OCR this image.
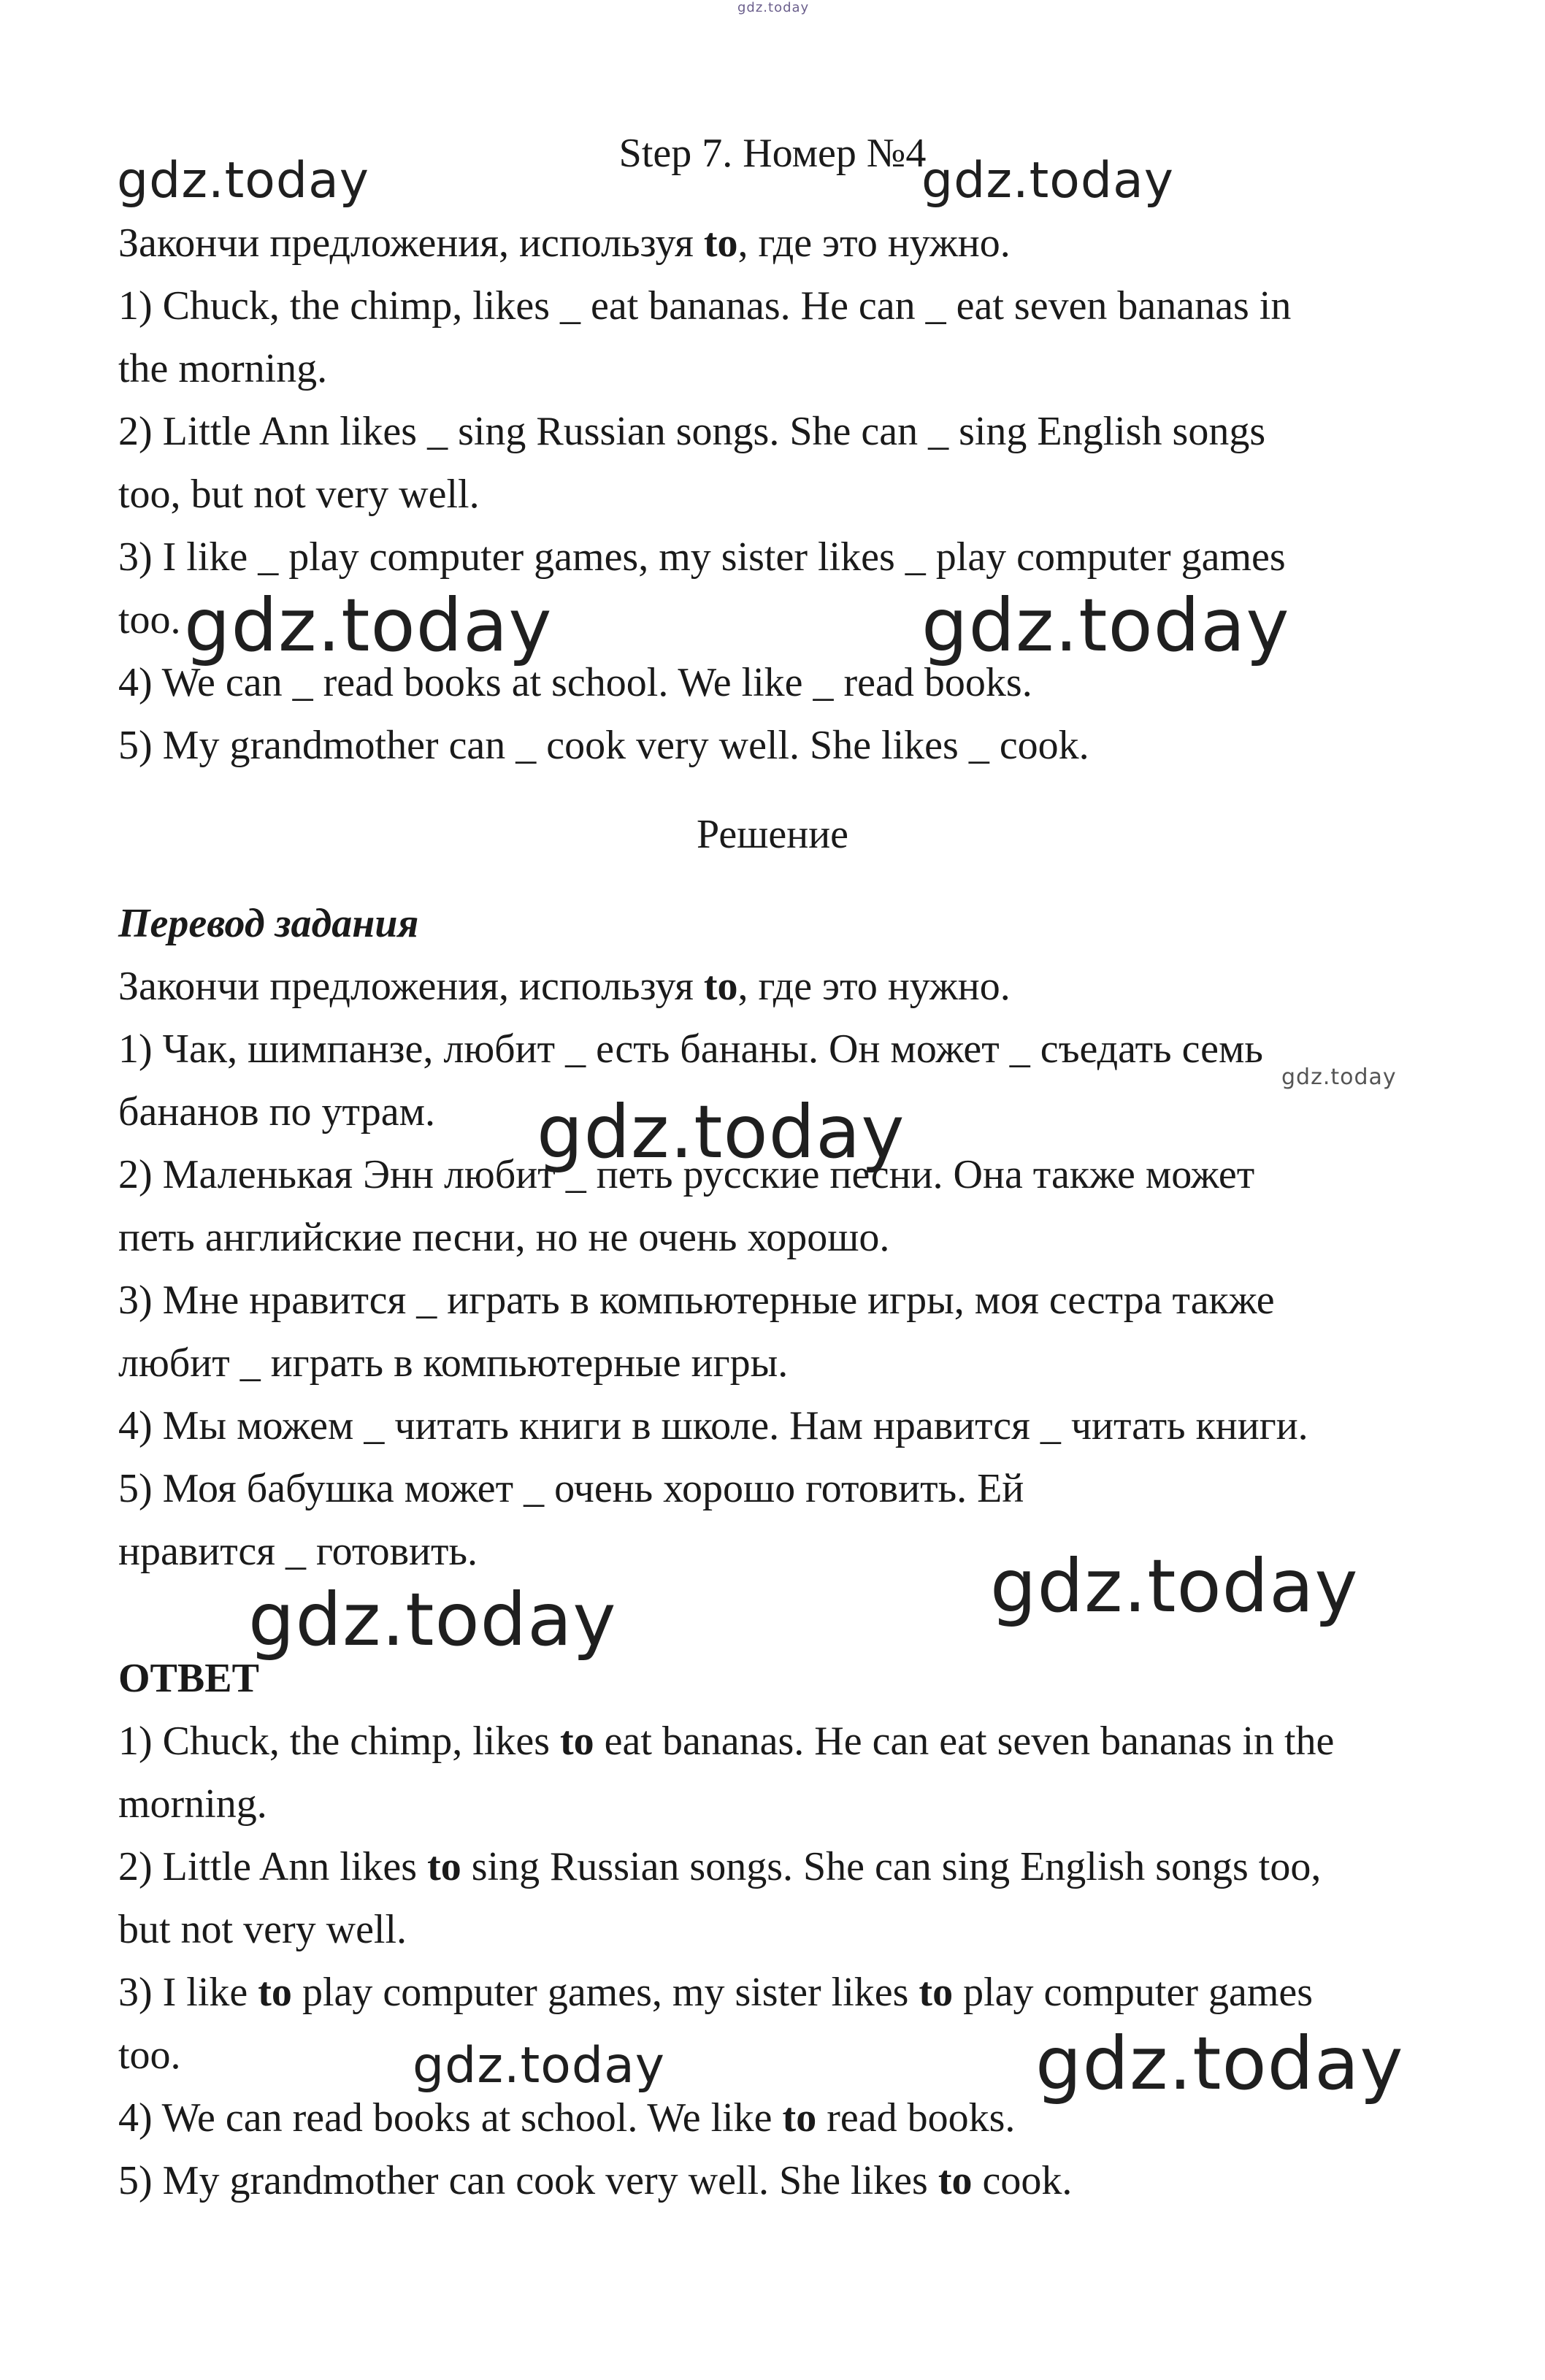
gdz.today
Step 7. Номер №4
Закончи предложения, используя to, где это нужно.
1) Chuck, the chimp, likes _ eat bananas. He can _ eat seven bananas in
the morning.
2) Little Ann likes _ sing Russian songs. She can _ sing English songs
too, but not very well.
3) I like _ play computer games, my sister likes _ play computer games
too.
4) We can _ read books at school. We like _ read books.
5) My grandmother can _ cook very well. She likes _ cook.
Решение
Перевод задания
Закончи предложения, используя to, где это нужно.
1) Чак, шимпанзе, любит _ есть бананы. Он может _ съедать семь
бананов по утрам.
2) Маленькая Энн любит _ петь русские песни. Она также может
петь английские песни, но не очень хорошо.
3) Мне нравится _ играть в компьютерные игры, моя сестра также
любит _ играть в компьютерные игры.
4) Мы можем _ читать книги в школе. Нам нравится _ читать книги.
5) Моя бабушка может _ очень хорошо готовить. Ей
нравится _ готовить.
ОТВЕТ
1) Chuck, the chimp, likes to eat bananas. He can eat seven bananas in the
morning.
2) Little Ann likes to sing Russian songs. She can sing English songs too,
but not very well.
3) I like to play computer games, my sister likes to play computer games
too.
4) We can read books at school. We like to read books.
5) My grandmother can cook very well. She likes to cook.
gdz.today	gdz.today
gdz.today	gdz.today
gdz.today
gdz.today
gdz.today
gdz.today
gdz.today	gdz.today
